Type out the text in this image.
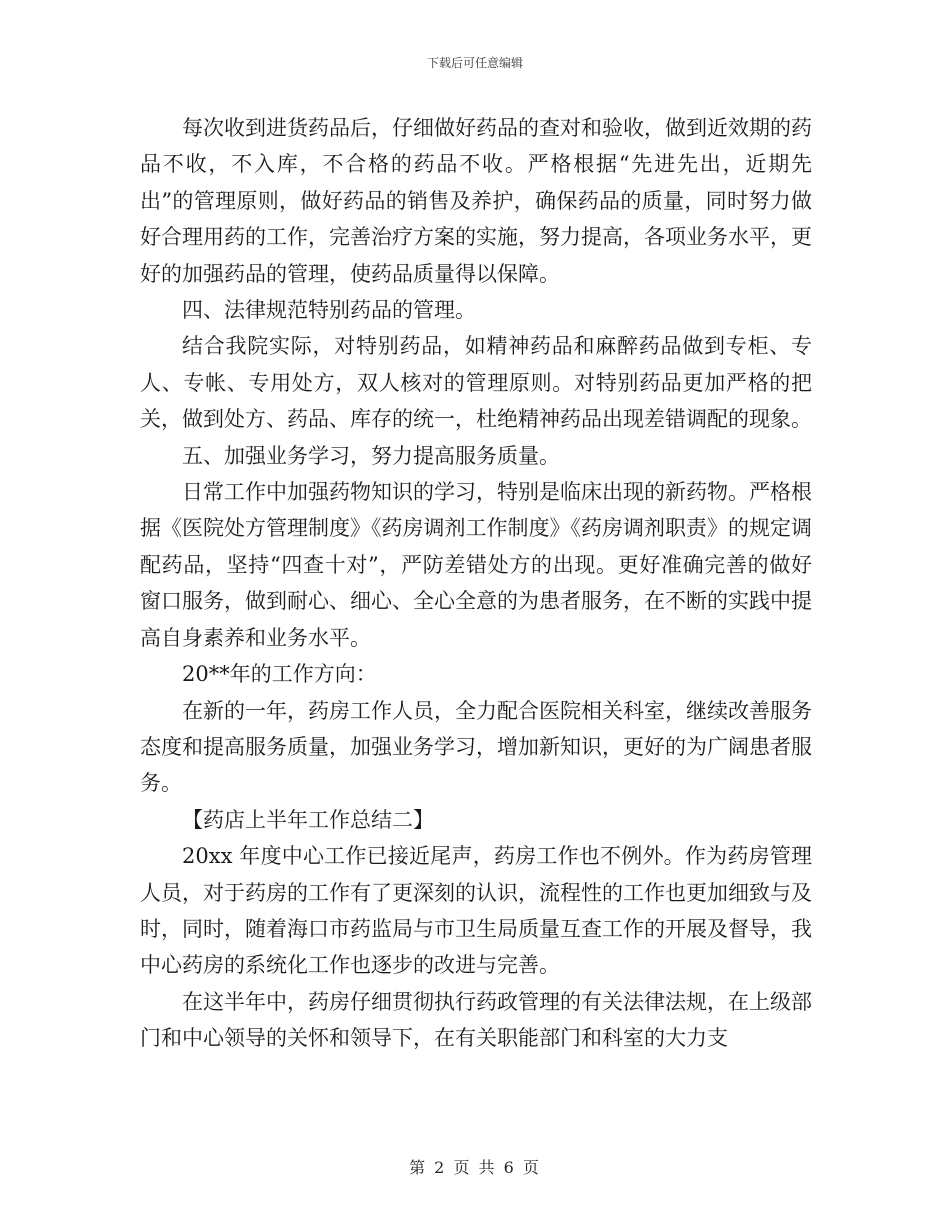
下载后可任意编辑

每次收到进货药品后，仔细做好药品的查对和验收，做到近效期的药品不收，不入库，不合格的药品不收。严格根据“先进先出，近期先出”的管理原则，做好药品的销售及养护，确保药品的质量，同时努力做好合理用药的工作，完善治疗方案的实施，努力提高，各项业务水平，更好的加强药品的管理，使药品质量得以保障。

四、法律规范特别药品的管理。

结合我院实际，对特别药品，如精神药品和麻醉药品做到专柜、专人、专帐、专用处方，双人核对的管理原则。对特别药品更加严格的把关，做到处方、药品、库存的统一，杜绝精神药品出现差错调配的现象。

五、加强业务学习，努力提高服务质量。

日常工作中加强药物知识的学习，特别是临床出现的新药物。严格根据《医院处方管理制度》《药房调剂工作制度》《药房调剂职责》的规定调配药品，坚持“四查十对”，严防差错处方的出现。更好准确完善的做好窗口服务，做到耐心、细心、全心全意的为患者服务，在不断的实践中提高自身素养和业务水平。

20**年的工作方向：

在新的一年，药房工作人员，全力配合医院相关科室，继续改善服务态度和提高服务质量，加强业务学习，增加新知识，更好的为广阔患者服务。

【药店上半年工作总结二】

20xx 年度中心工作已接近尾声，药房工作也不例外。作为药房管理人员，对于药房的工作有了更深刻的认识，流程性的工作也更加细致与及时，同时，随着海口市药监局与市卫生局质量互查工作的开展及督导，我中心药房的系统化工作也逐步的改进与完善。

在这半年中，药房仔细贯彻执行药政管理的有关法律法规，在上级部门和中心领导的关怀和领导下，在有关职能部门和科室的大力支

第 2 页 共 6 页
